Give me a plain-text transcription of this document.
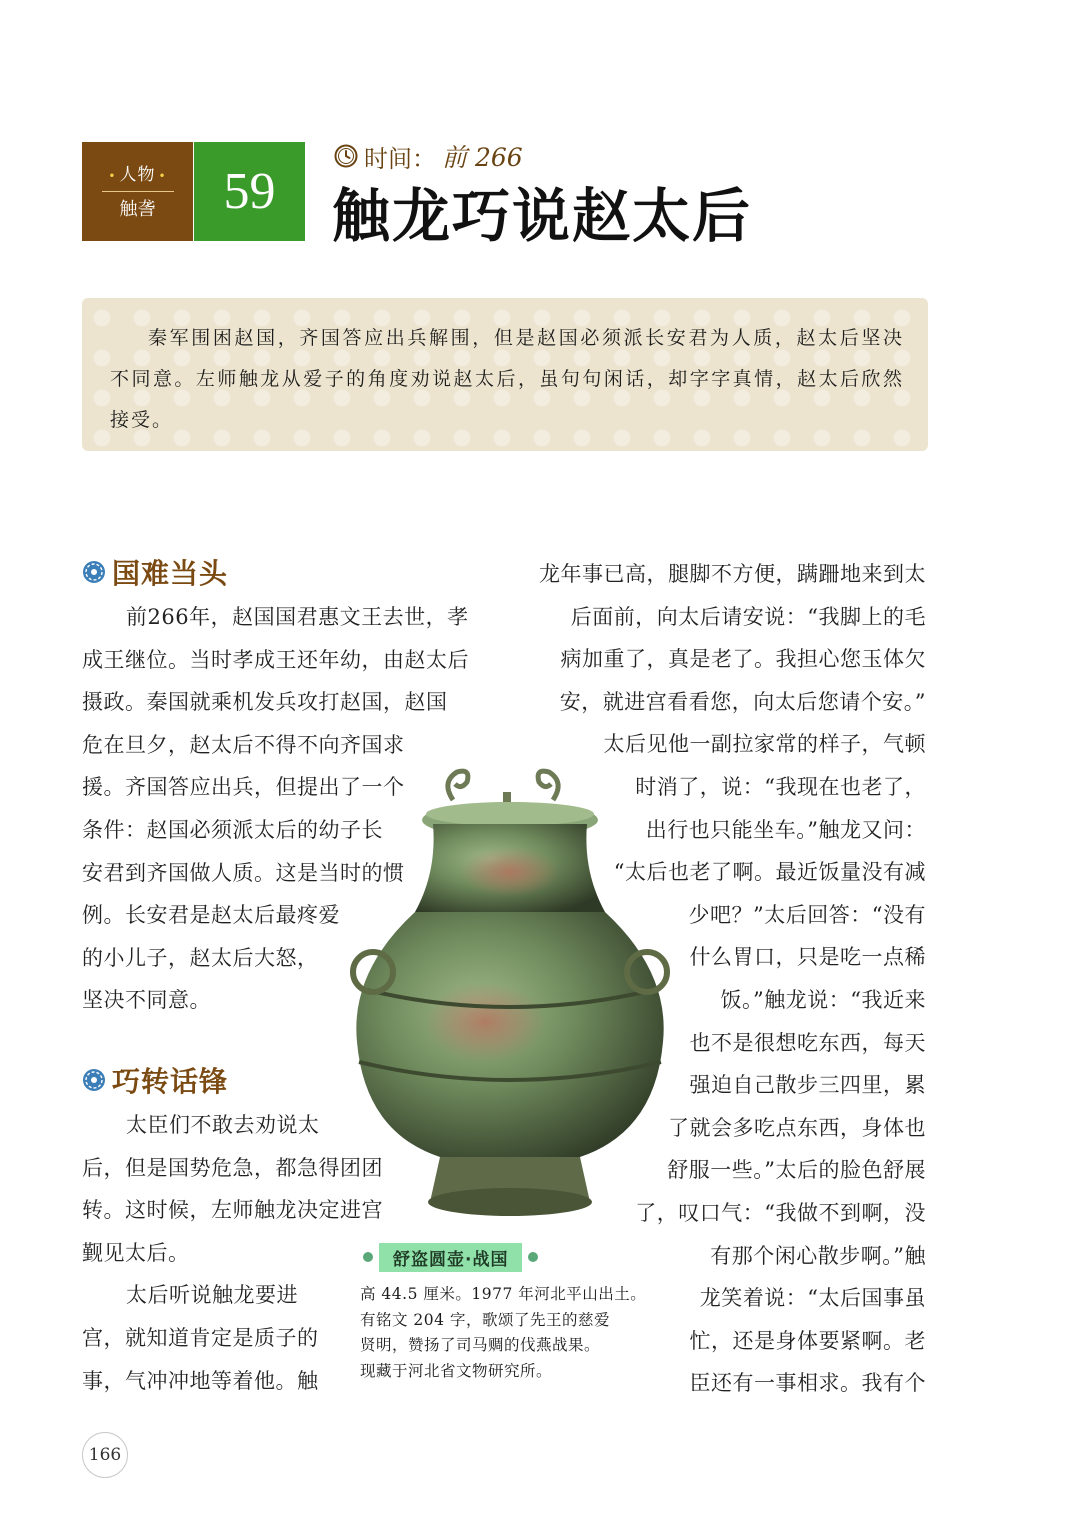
• 人物 •
触詟	59
时间： 前 266
触龙巧说赵太后

秦军围困赵国，齐国答应出兵解围，但是赵国必须派长安君为人质，赵太后坚决不同意。左师触龙从爱子的角度劝说赵太后，虽句句闲话，却字字真情，赵太后欣然接受。

国难当头
前266年，赵国国君惠文王去世，孝
成王继位。当时孝成王还年幼，由赵太后
摄政。秦国就乘机发兵攻打赵国，赵国
危在旦夕，赵太后不得不向齐国求
援。齐国答应出兵，但提出了一个
条件：赵国必须派太后的幼子长
安君到齐国做人质。这是当时的惯
例。长安君是赵太后最疼爱
的小儿子，赵太后大怒，
坚决不同意。
巧转话锋
太臣们不敢去劝说太
后，但是国势危急，都急得团团
转。这时候，左师触龙决定进宫
觐见太后。
太后听说触龙要进
宫，就知道肯定是质子的
事，气冲冲地等着他。触
龙年事已高，腿脚不方便，蹒跚地来到太
后面前，向太后请安说：“我脚上的毛
病加重了，真是老了。我担心您玉体欠
安，就进宫看看您，向太后您请个安。”
太后见他一副拉家常的样子，气顿
时消了，说：“我现在也老了，
出行也只能坐车。”触龙又问：
“太后也老了啊。最近饭量没有减
少吧？”太后回答：“没有
什么胃口，只是吃一点稀
饭。”触龙说：“我近来
也不是很想吃东西，每天
强迫自己散步三四里，累
了就会多吃点东西，身体也
舒服一些。”太后的脸色舒展
了，叹口气：“我做不到啊，没
有那个闲心散步啊。”触
龙笑着说：“太后国事虽
忙，还是身体要紧啊。老
臣还有一事相求。我有个
舒盗圆壶·战国
高 44.5 厘米。1977 年河北平山出土。
有铭文 204 字，歌颂了先王的慈爱
贤明，赞扬了司马赒的伐燕战果。
现藏于河北省文物研究所。
166
